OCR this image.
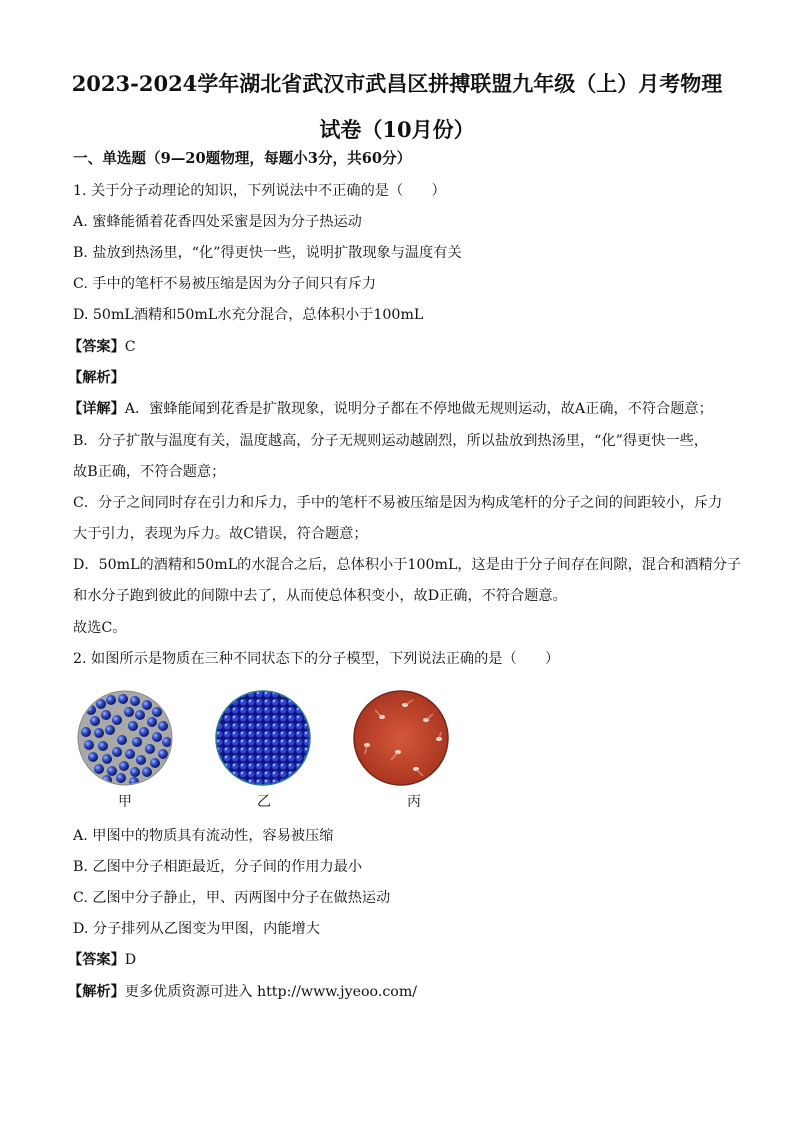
2023-2024学年湖北省武汉市武昌区拼搏联盟九年级（上）月考物理
试卷（10月份）
一、单选题（9—20题物理，每题小3分，共60分）
1. 关于分子动理论的知识，下列说法中不正确的是（　　）
A. 蜜蜂能循着花香四处采蜜是因为分子热运动
B. 盐放到热汤里，“化”得更快一些，说明扩散现象与温度有关
C. 手中的笔杆不易被压缩是因为分子间只有斥力
D. 50mL酒精和50mL水充分混合，总体积小于100mL
【答案】C
【解析】
【详解】A．蜜蜂能闻到花香是扩散现象，说明分子都在不停地做无规则运动，故A正确，不符合题意；
B．分子扩散与温度有关，温度越高，分子无规则运动越剧烈，所以盐放到热汤里，“化”得更快一些，
故B正确，不符合题意；
C．分子之间同时存在引力和斥力，手中的笔杆不易被压缩是因为构成笔杆的分子之间的间距较小，斥力
大于引力，表现为斥力。故C错误，符合题意；
D．50mL的酒精和50mL的水混合之后，总体积小于100mL，这是由于分子间存在间隙，混合和酒精分子
和水分子跑到彼此的间隙中去了，从而使总体积变小，故D正确，不符合题意。
故选C。
2. 如图所示是物质在三种不同状态下的分子模型，下列说法正确的是（　　）
甲	乙	丙
A. 甲图中的物质具有流动性，容易被压缩
B. 乙图中分子相距最近，分子间的作用力最小
C. 乙图中分子静止，甲、丙两图中分子在做热运动
D. 分子排列从乙图变为甲图，内能增大
【答案】D
【解析】更多优质资源可进入 http://www.jyeoo.com/
